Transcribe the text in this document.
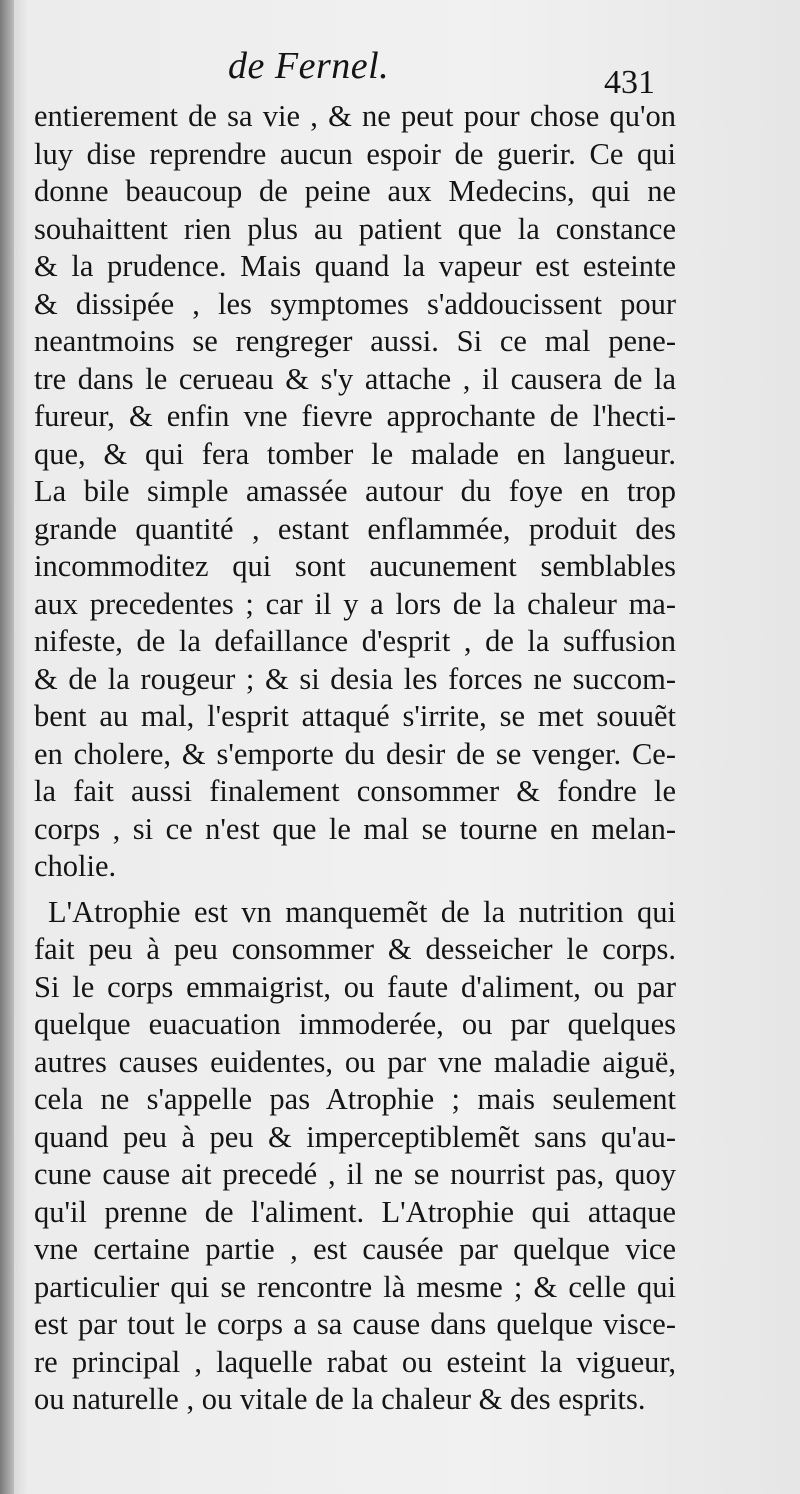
de Fernel.	431
entierement de sa vie , & ne peut pour chose qu'on
luy dise reprendre aucun espoir de guerir. Ce qui
donne beaucoup de peine aux Medecins, qui ne
souhaittent rien plus au patient que la constance
& la prudence. Mais quand la vapeur est esteinte
& dissipée , les symptomes s'addoucissent pour
neantmoins se rengreger aussi. Si ce mal pene-
tre dans le cerueau & s'y attache , il causera de la
fureur, & enfin vne fievre approchante de l'hecti-
que, & qui fera tomber le malade en langueur.
La bile simple amassée autour du foye en trop
grande quantité , estant enflammée, produit des
incommoditez qui sont aucunement semblables
aux precedentes ; car il y a lors de la chaleur ma-
nifeste, de la defaillance d'esprit , de la suffusion
& de la rougeur ; & si desia les forces ne succom-
bent au mal, l'esprit attaqué s'irrite, se met souuẽt
en cholere, & s'emporte du desir de se venger. Ce-
la fait aussi finalement consommer & fondre le
corps , si ce n'est que le mal se tourne en melan-
cholie.
L'Atrophie est vn manquemẽt de la nutrition qui
fait peu à peu consommer & desseicher le corps.
Si le corps emmaigrist, ou faute d'aliment, ou par
quelque euacuation immoderée, ou par quelques
autres causes euidentes, ou par vne maladie aiguë,
cela ne s'appelle pas Atrophie ; mais seulement
quand peu à peu & imperceptiblemẽt sans qu'au-
cune cause ait precedé , il ne se nourrist pas, quoy
qu'il prenne de l'aliment. L'Atrophie qui attaque
vne certaine partie , est causée par quelque vice
particulier qui se rencontre là mesme ; & celle qui
est par tout le corps a sa cause dans quelque visce-
re principal , laquelle rabat ou esteint la vigueur,
ou naturelle , ou vitale de la chaleur & des esprits.
